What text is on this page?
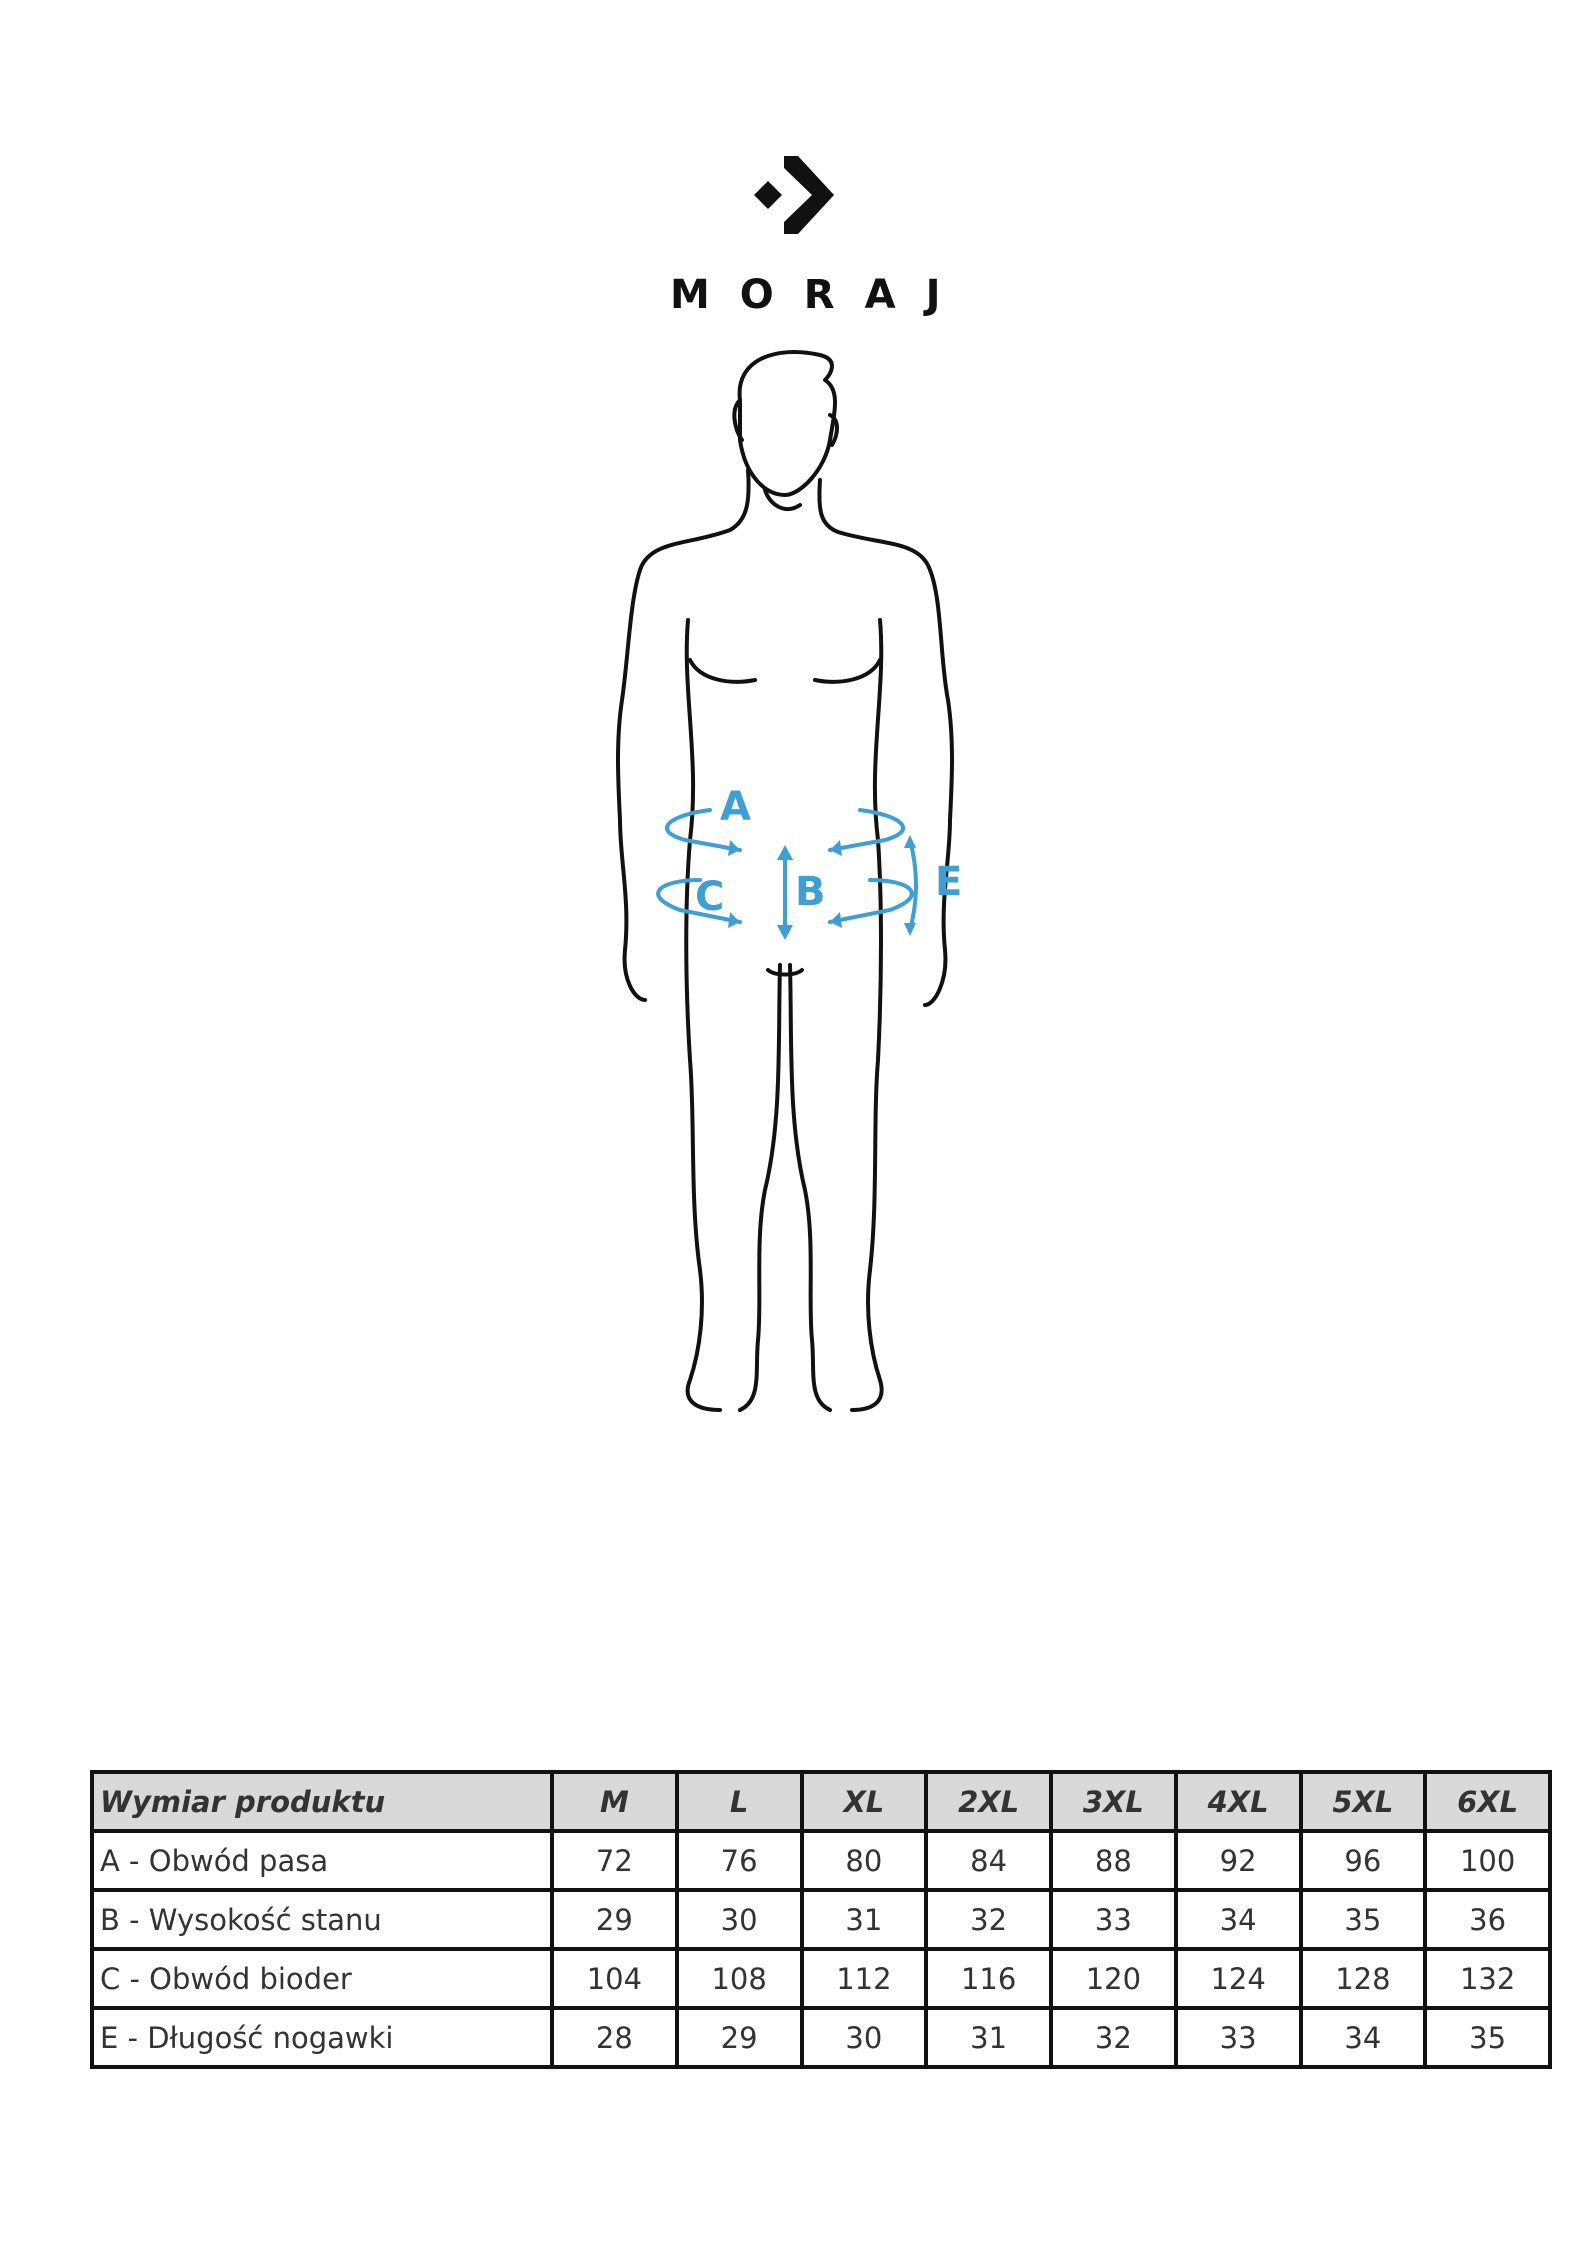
MORAJ
A
C B	E
Wymiar produktu	M	L	XL	2XL	3XL	4XL	5XL	6XL
A - Obwód pasa	72	76	80	84	88	92	96	100
B - Wysokość stanu	29	30	31	32	33	34	35	36
C - Obwód bioder	104	108	112	116	120	124	128	132
E - Długość nogawki	28	29	30	31	32	33	34	35
